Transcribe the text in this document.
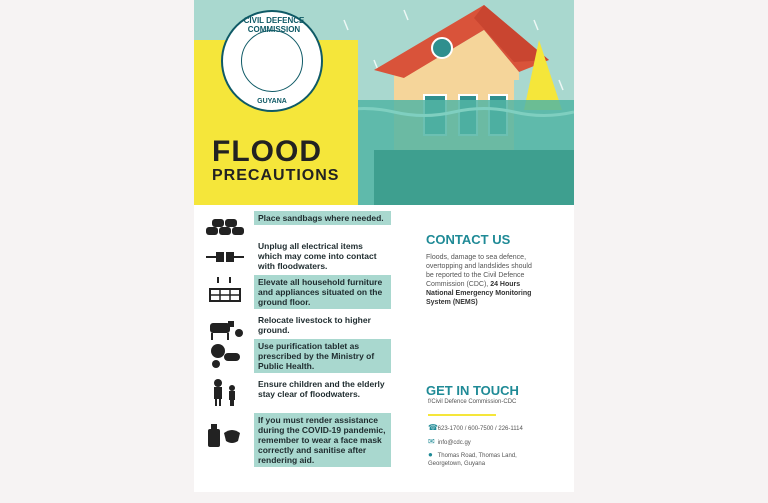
CIVIL DEFENCE COMMISSION
GUYANA
FLOOD
PRECAUTIONS
Place sandbags where needed.
Unplug all electrical items which may come into contact with floodwaters.
Elevate all household furniture and appliances situated on the ground floor.
Relocate livestock to higher ground.
Use purification tablet as prescribed by the Ministry of Public Health.
Ensure children and the elderly stay clear of floodwaters.
If you must render assistance during the COVID-19 pandemic, remember to wear a face mask correctly and sanitise after rendering aid.
CONTACT US
Floods, damage to sea defence, overtopping and landslides should be reported to the Civil Defence Commission (CDC), 24 Hours National Emergency Monitoring System (NEMS)
GET IN TOUCH
f/Civil Defence Commission-CDC
☎ 623-1700 / 600-7500 / 226-1114
✉ info@cdc.gy
● Thomas Road, Thomas Land, Georgetown, Guyana
